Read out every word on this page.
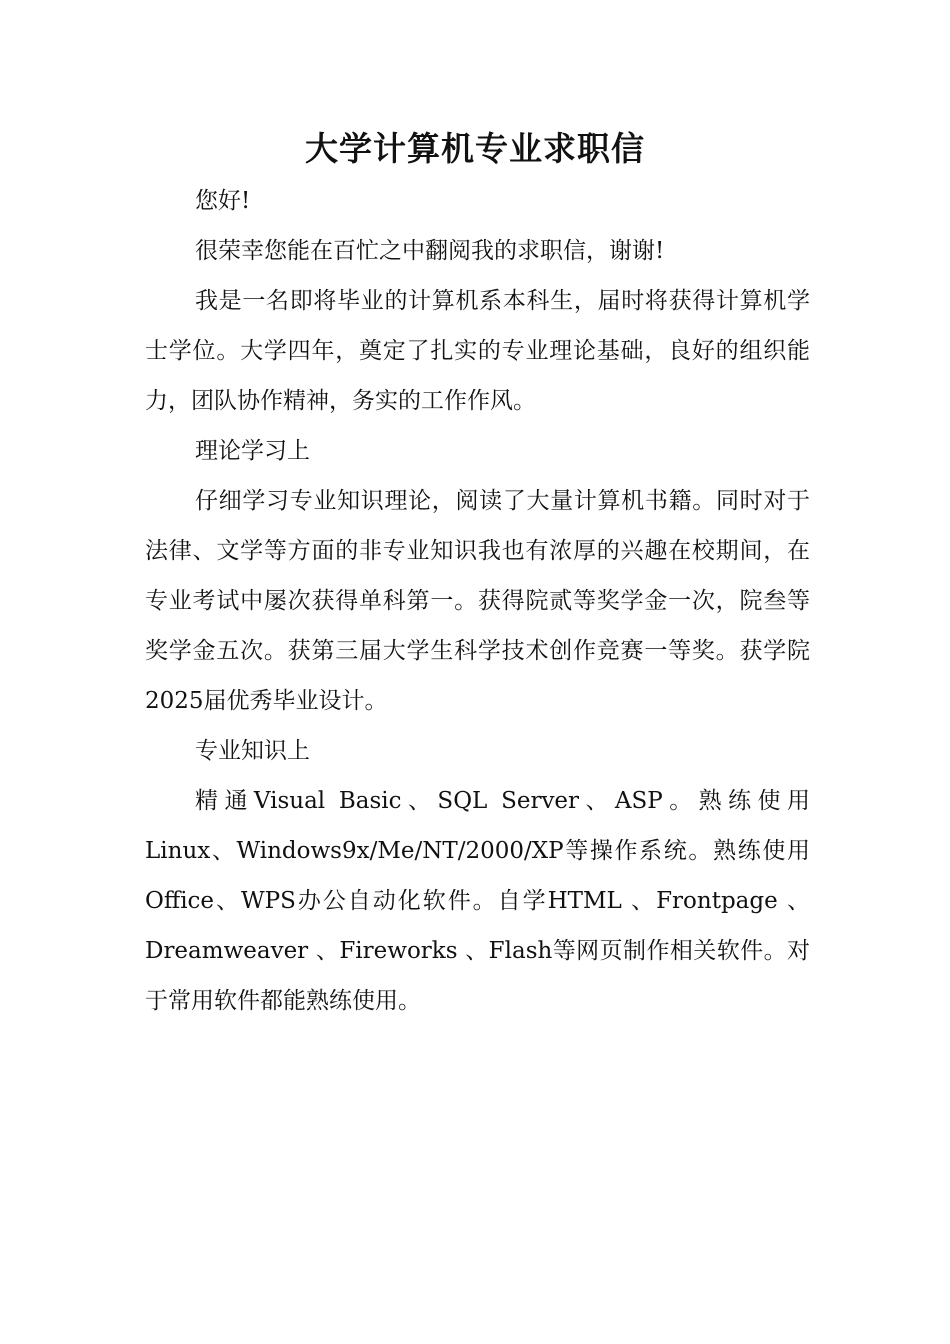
大学计算机专业求职信

您好!

很荣幸您能在百忙之中翻阅我的求职信，谢谢!

我是一名即将毕业的计算机系本科生，届时将获得计算机学士学位。大学四年，奠定了扎实的专业理论基础，良好的组织能力，团队协作精神，务实的工作作风。

理论学习上

仔细学习专业知识理论，阅读了大量计算机书籍。同时对于法律、文学等方面的非专业知识我也有浓厚的兴趣在校期间，在专业考试中屡次获得单科第一。获得院贰等奖学金一次，院叁等奖学金五次。获第三届大学生科学技术创作竞赛一等奖。获学院2025届优秀毕业设计。

专业知识上

精通Visual Basic、SQL Server、ASP。熟练使用Linux、Windows9x/Me/NT/2000/XP等操作系统。熟练使用Office、WPS办公自动化软件。自学HTML 、Frontpage 、Dreamweaver 、Fireworks 、Flash等网页制作相关软件。对于常用软件都能熟练使用。
